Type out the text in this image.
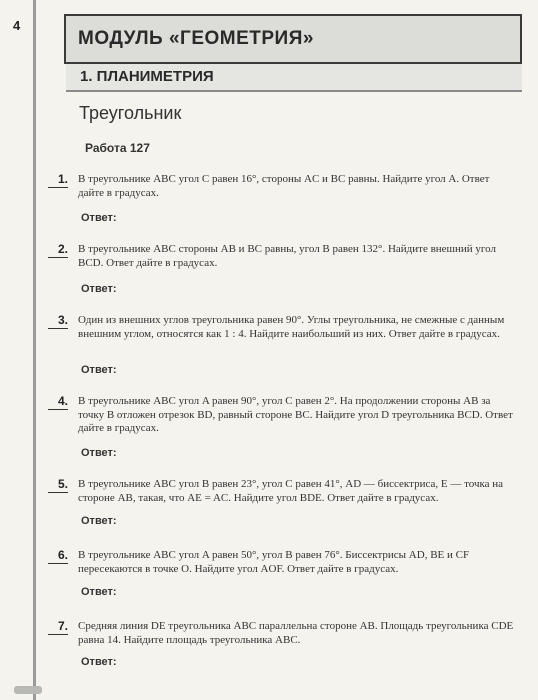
4
МОДУЛЬ «ГЕОМЕТРИЯ»
1. ПЛАНИМЕТРИЯ
Треугольник
Работа 127
1. В треугольнике ABC угол C равен 16°, стороны AC и BC равны. Найдите угол A. Ответ дайте в градусах.
Ответ:
2. В треугольнике ABC стороны AB и BC равны, угол B равен 132°. Найдите внешний угол BCD. Ответ дайте в градусах.
Ответ:
3. Один из внешних углов треугольника равен 90°. Углы треугольника, не смежные с данным внешним углом, относятся как 1 : 4. Найдите наибольший из них. Ответ дайте в градусах.
Ответ:
4. В треугольнике ABC угол A равен 90°, угол C равен 2°. На продолжении стороны AB за точку B отложен отрезок BD, равный стороне BC. Найдите угол D треугольника BCD. Ответ дайте в градусах.
Ответ:
5. В треугольнике ABC угол B равен 23°, угол C равен 41°, AD — биссектриса, E — точка на стороне AB, такая, что AE = AC. Найдите угол BDE. Ответ дайте в градусах.
Ответ:
6. В треугольнике ABC угол A равен 50°, угол B равен 76°. Биссектрисы AD, BE и CF пересекаются в точке O. Найдите угол AOF. Ответ дайте в градусах.
Ответ:
7. Средняя линия DE треугольника ABC параллельна стороне AB. Площадь треугольника CDE равна 14. Найдите площадь треугольника ABC.
Ответ:
